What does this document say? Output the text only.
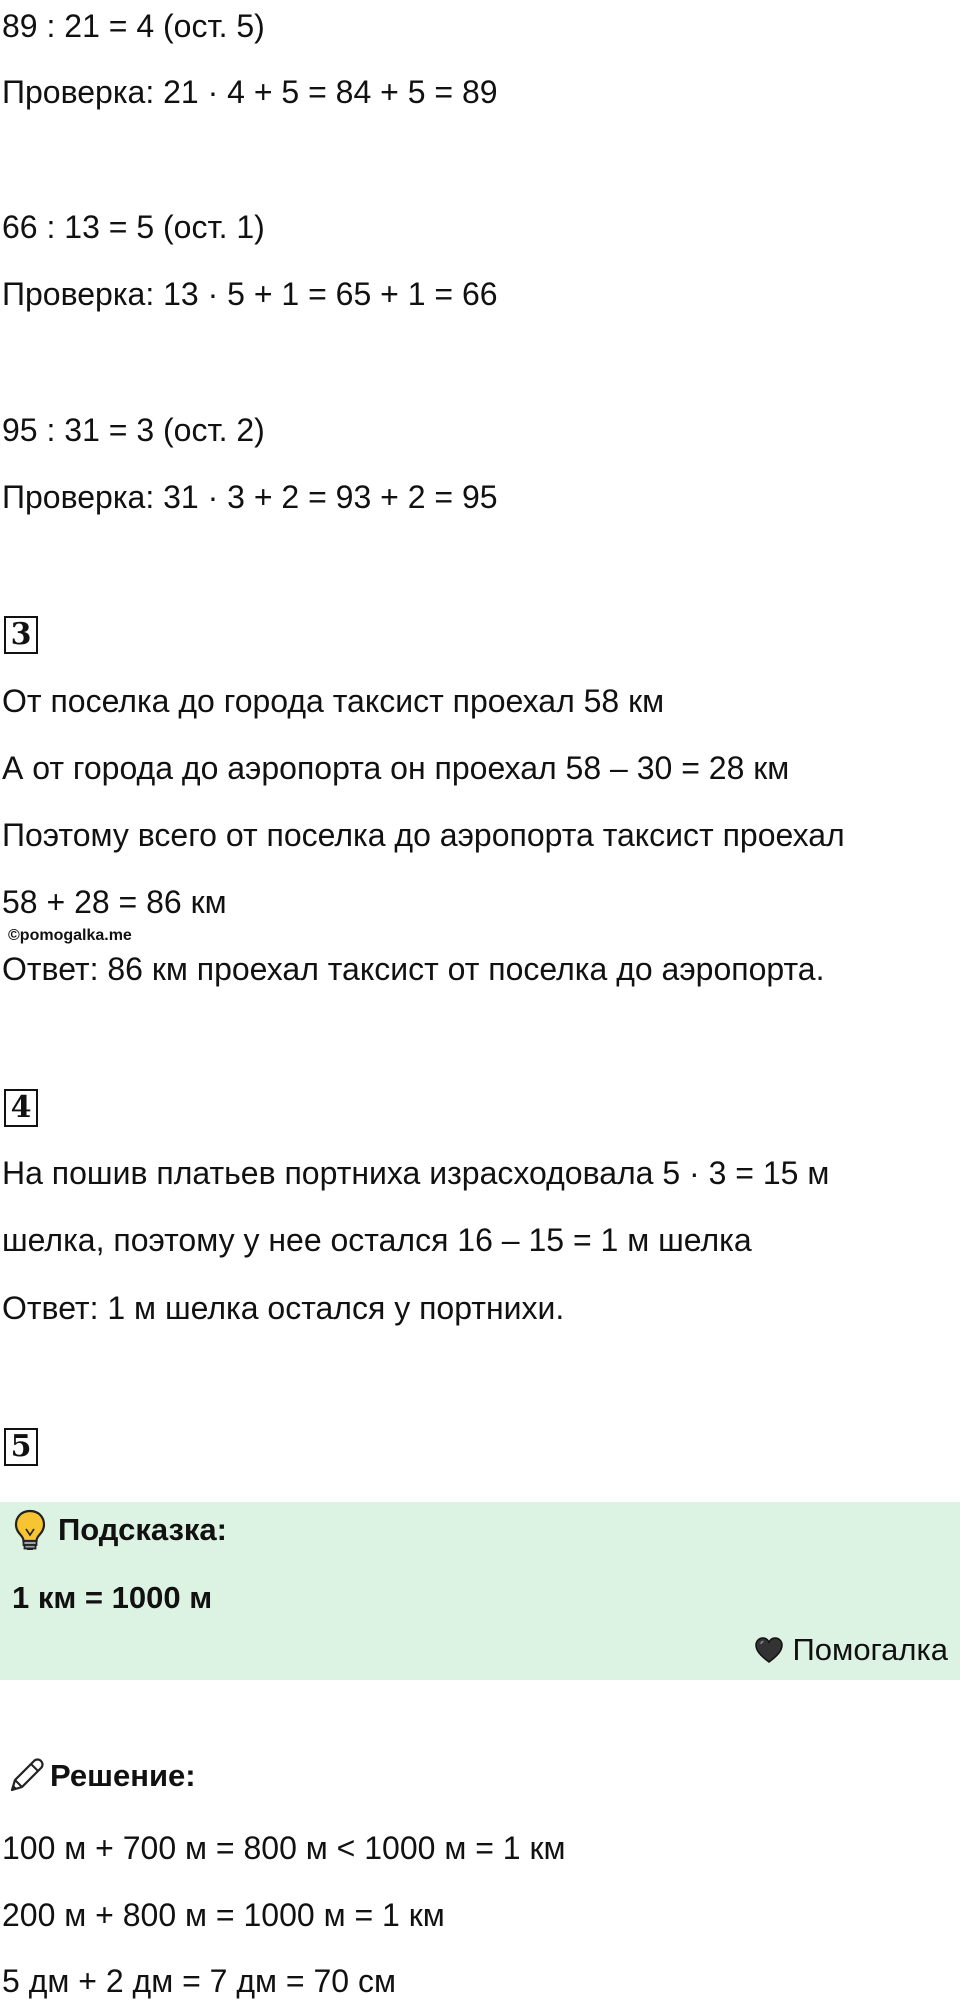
89 : 21 = 4 (ост. 5)
Проверка: 21 · 4 + 5 = 84 + 5 = 89
66 : 13 = 5 (ост. 1)
Проверка: 13 · 5 + 1 = 65 + 1 = 66
95 : 31 = 3 (ост. 2)
Проверка: 31 · 3 + 2 = 93 + 2 = 95
3
От поселка до города таксист проехал 58 км
А от города до аэропорта он проехал 58 – 30 = 28 км
Поэтому всего от поселка до аэропорта таксист проехал
58 + 28 = 86 км
©pomogalka.me
Ответ: 86 км проехал таксист от поселка до аэропорта.
4
На пошив платьев портниха израсходовала 5 · 3 = 15 м
шелка, поэтому у нее остался 16 – 15 = 1 м шелка
Ответ: 1 м шелка остался у портнихи.
5
Подсказка:
1 км = 1000 м
Помогалка
Решение:
100 м + 700 м = 800 м < 1000 м = 1 км
200 м + 800 м = 1000 м = 1 км
5 дм + 2 дм = 7 дм = 70 см
